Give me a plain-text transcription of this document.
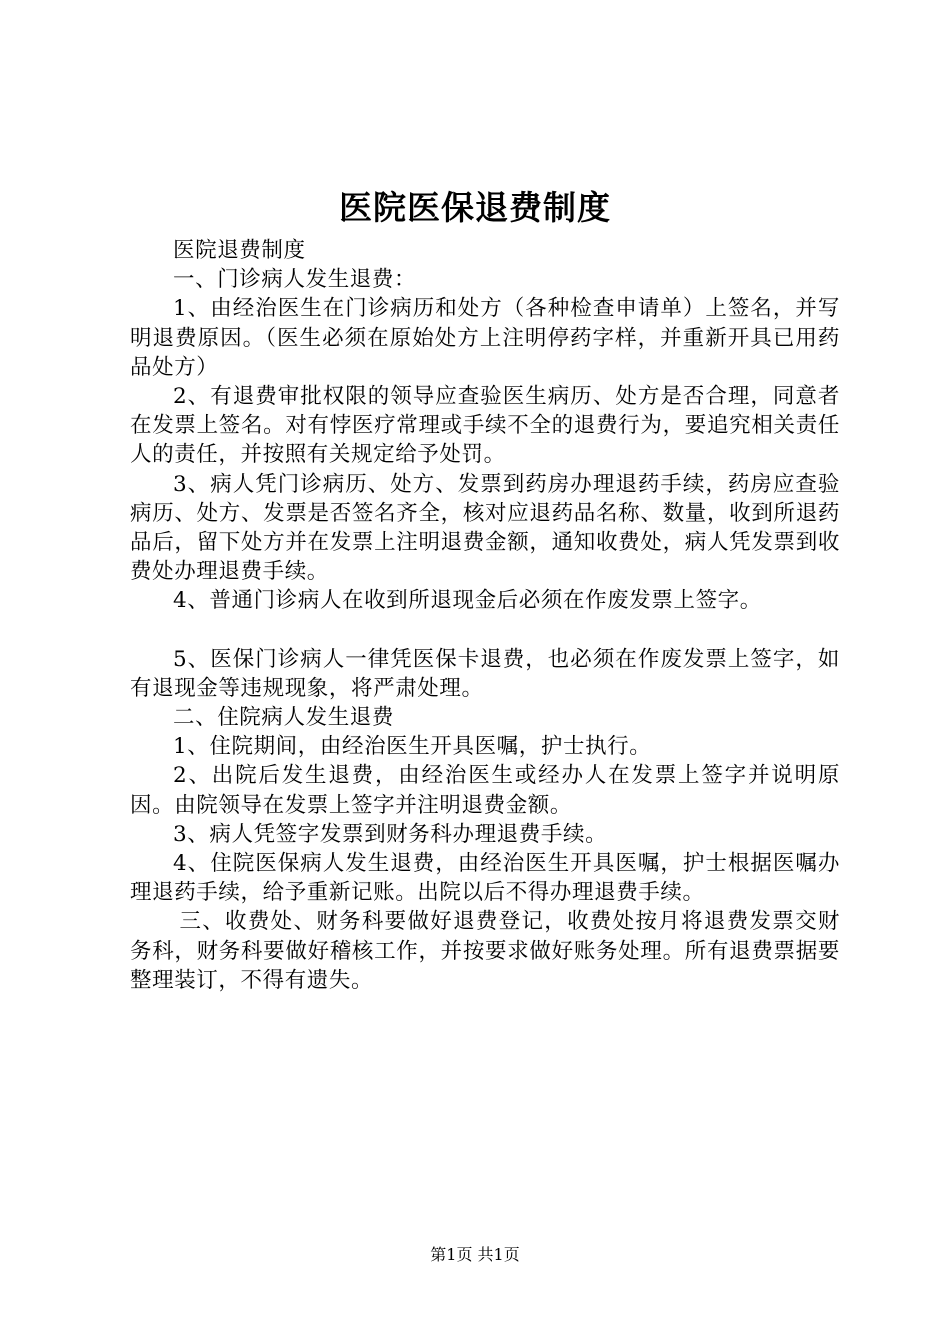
医院医保退费制度

医院退费制度

一、门诊病人发生退费：

1、由经治医生在门诊病历和处方（各种检查申请单）上签名，并写明退费原因。（医生必须在原始处方上注明停药字样，并重新开具已用药品处方）

2、有退费审批权限的领导应查验医生病历、处方是否合理，同意者在发票上签名。对有悖医疗常理或手续不全的退费行为，要追究相关责任人的责任，并按照有关规定给予处罚。

3、病人凭门诊病历、处方、发票到药房办理退药手续，药房应查验病历、处方、发票是否签名齐全，核对应退药品名称、数量，收到所退药品后，留下处方并在发票上注明退费金额，通知收费处，病人凭发票到收费处办理退费手续。

4、普通门诊病人在收到所退现金后必须在作废发票上签字。

5、医保门诊病人一律凭医保卡退费，也必须在作废发票上签字，如有退现金等违规现象，将严肃处理。

二、住院病人发生退费

1、住院期间，由经治医生开具医嘱，护士执行。

2、出院后发生退费，由经治医生或经办人在发票上签字并说明原因。由院领导在发票上签字并注明退费金额。

3、病人凭签字发票到财务科办理退费手续。

4、住院医保病人发生退费，由经治医生开具医嘱，护士根据医嘱办理退药手续，给予重新记账。出院以后不得办理退费手续。

三、收费处、财务科要做好退费登记，收费处按月将退费发票交财务科，财务科要做好稽核工作，并按要求做好账务处理。所有退费票据要整理装订，不得有遗失。

第1页 共1页
